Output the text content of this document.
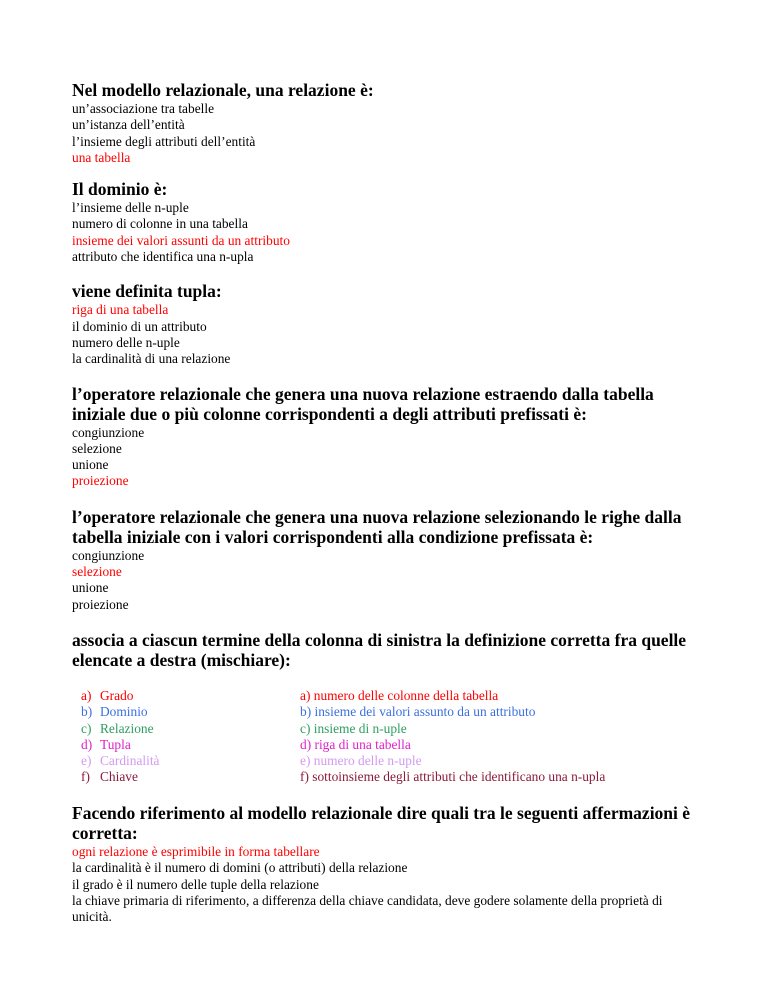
Nel modello relazionale, una relazione è:
un’associazione tra tabelle
un’istanza dell’entità
l’insieme degli attributi dell’entità
una tabella
Il dominio è:
l’insieme delle n-uple
numero di colonne in una tabella
insieme dei valori assunti da un attributo
attributo che identifica una n-upla
viene definita tupla:
riga di una tabella
il dominio di un attributo
numero delle n-uple
la cardinalità di una relazione
l’operatore relazionale che genera una nuova relazione estraendo dalla tabella iniziale due o più colonne corrispondenti a degli attributi prefissati è:
congiunzione
selezione
unione
proiezione
l’operatore relazionale che genera una nuova relazione selezionando le righe dalla tabella iniziale con i valori corrispondenti alla condizione prefissata è:
congiunzione
selezione
unione
proiezione
associa a ciascun termine della colonna di sinistra la definizione corretta fra quelle elencate a destra (mischiare):
a) Grado
b) Dominio
c) Relazione
d) Tupla
e) Cardinalità
f) Chiave
a) numero delle colonne della tabella
b) insieme dei valori assunto da un attributo
c) insieme di n-uple
d) riga di una tabella
e) numero delle n-uple
f) sottoinsieme degli attributi che identificano una n-upla
Facendo riferimento al modello relazionale dire quali tra le seguenti affermazioni è corretta:
ogni relazione è esprimibile in forma tabellare
la cardinalità è il numero di domini (o attributi) della relazione
il grado è il numero delle tuple della relazione
la chiave primaria di riferimento, a differenza della chiave candidata, deve godere solamente della proprietà di unicità.
